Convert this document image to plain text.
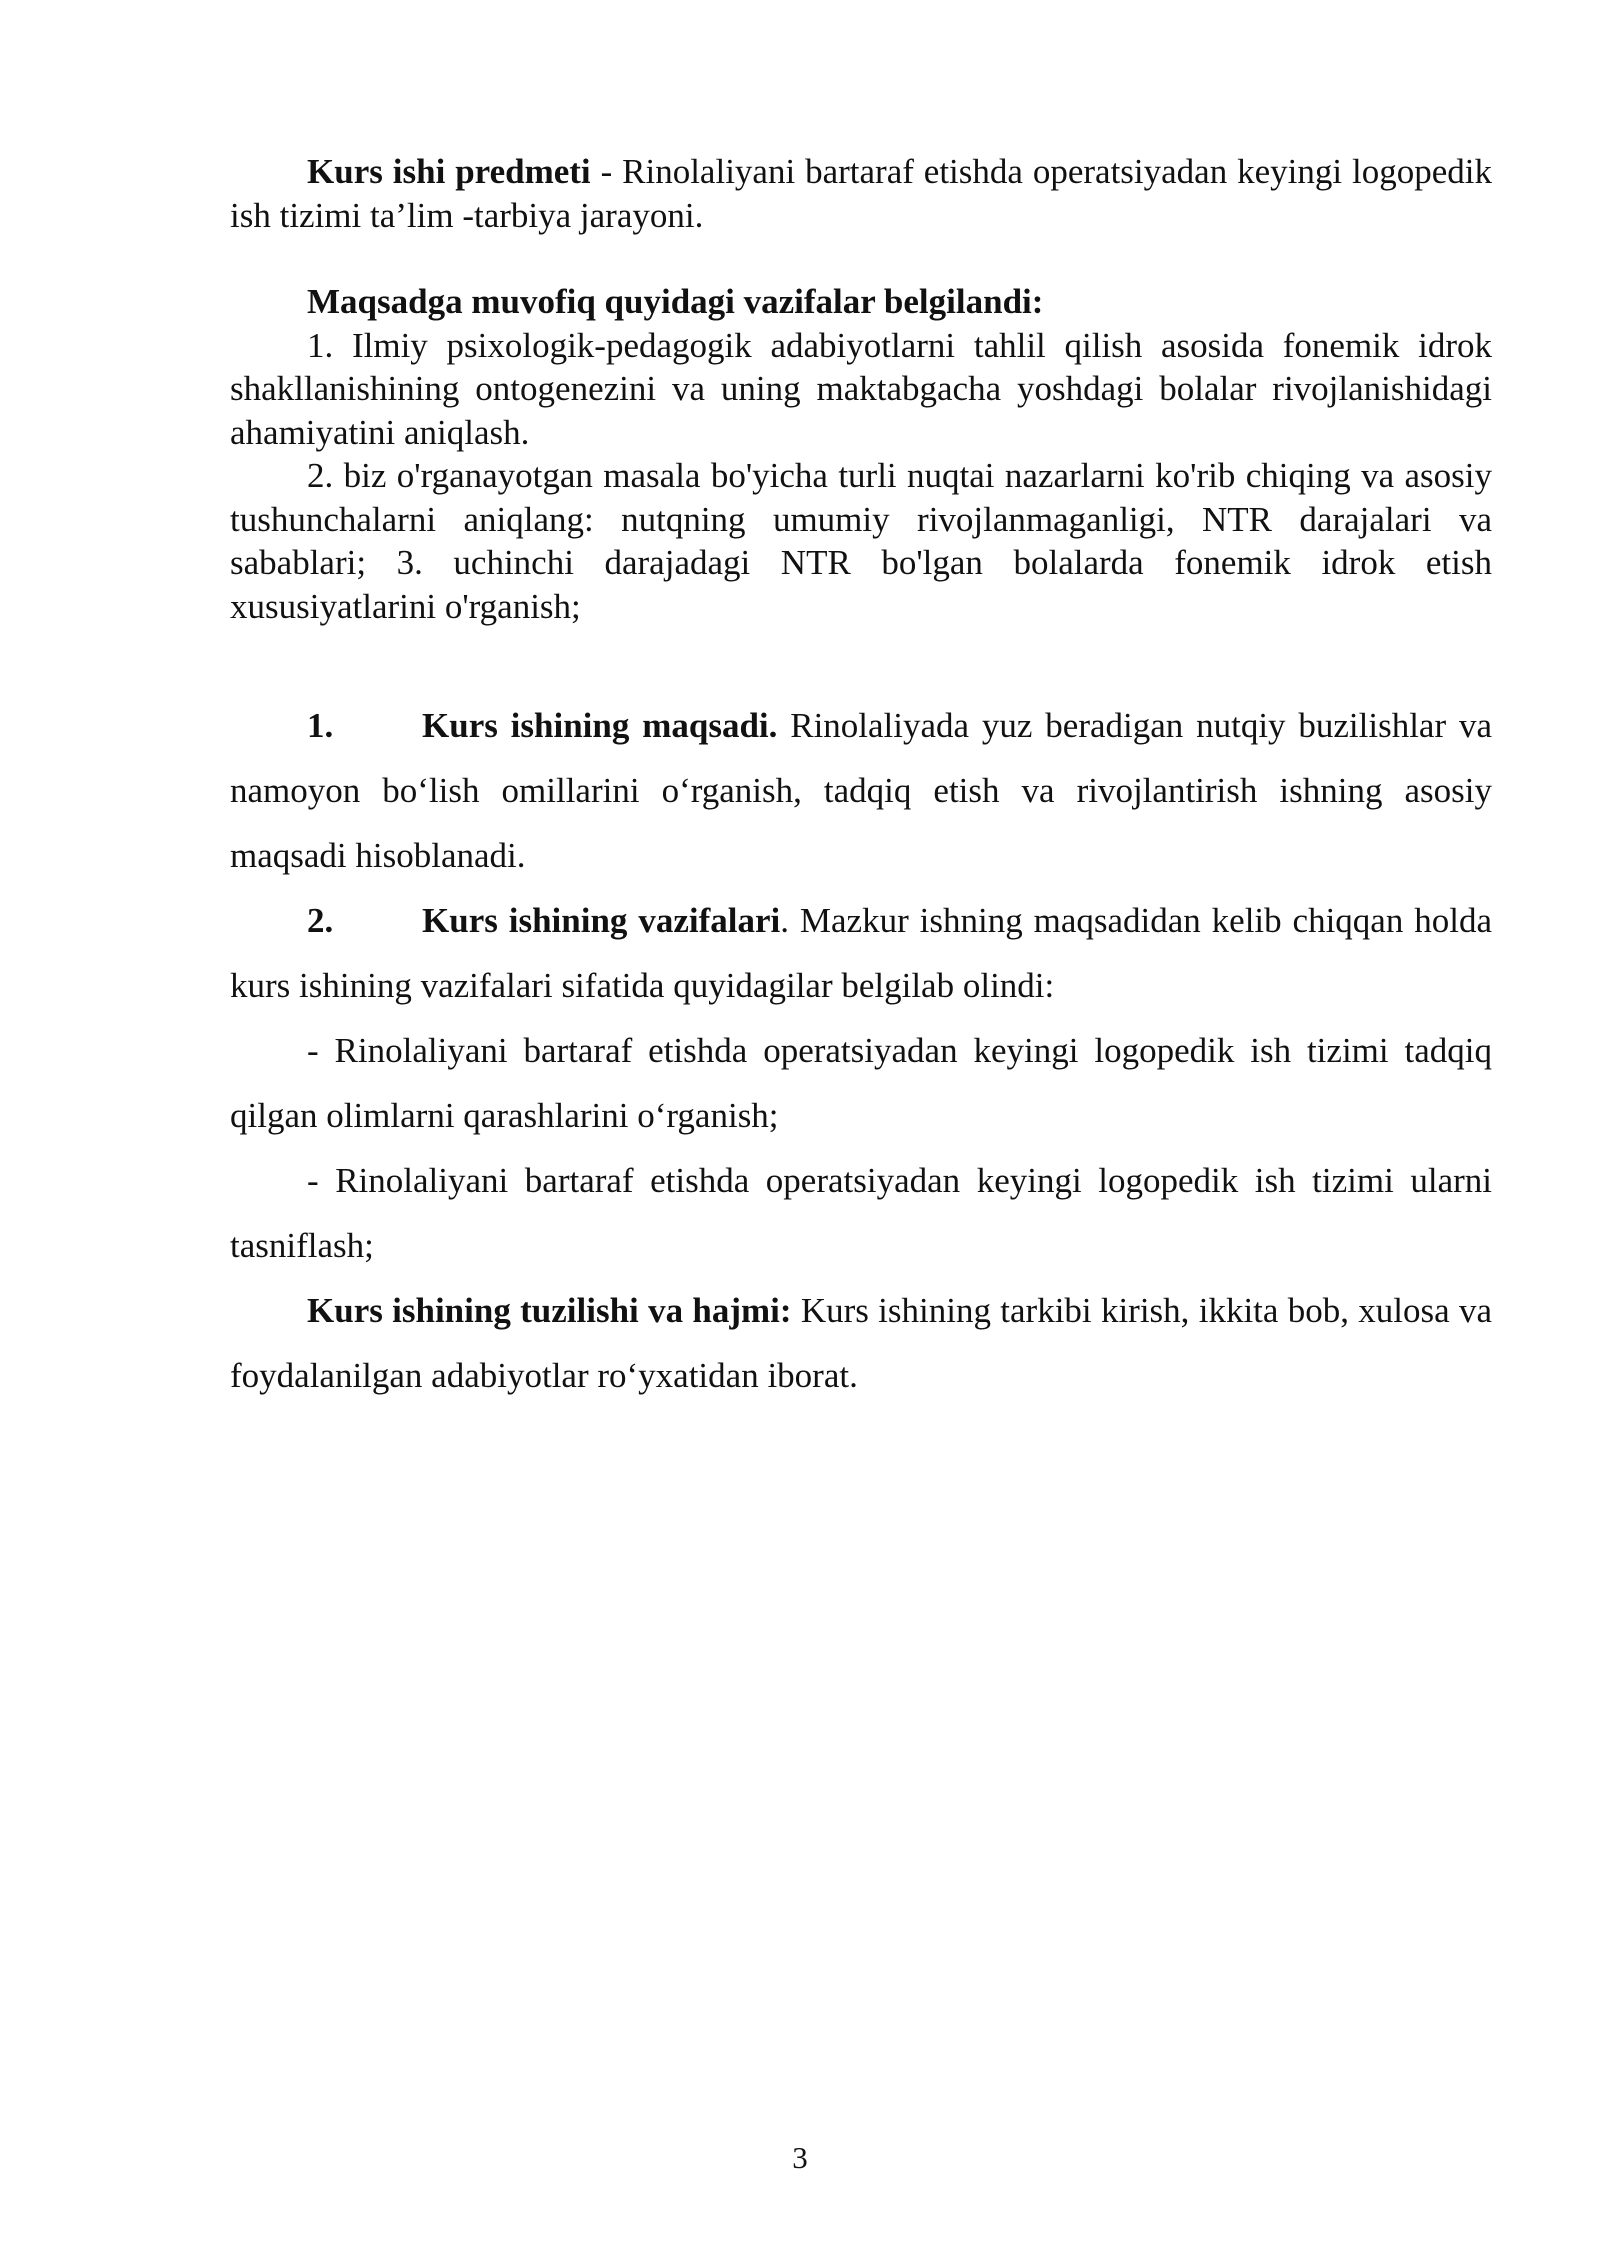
Kurs ishi predmeti - Rinolaliyani bartaraf etishda operatsiyadan keyingi logopedik ish tizimi ta’lim -tarbiya jarayoni.

Maqsadga muvofiq quyidagi vazifalar belgilandi:

1. Ilmiy psixologik-pedagogik adabiyotlarni tahlil qilish asosida fonemik idrok shakllanishining ontogenezini va uning maktabgacha yoshdagi bolalar rivojlanishidagi ahamiyatini aniqlash.

2. biz o'rganayotgan masala bo'yicha turli nuqtai nazarlarni ko'rib chiqing va asosiy tushunchalarni aniqlang: nutqning umumiy rivojlanmaganligi, NTR darajalari va sabablari; 3. uchinchi darajadagi NTR bo'lgan bolalarda fonemik idrok etish xususiyatlarini o'rganish;

1.	Kurs ishining maqsadi. Rinolaliyada yuz beradigan nutqiy buzilishlar va namoyon bo‘lish omillarini o‘rganish, tadqiq etish va rivojlantirish ishning asosiy maqsadi hisoblanadi.

2.	Kurs ishining vazifalari. Mazkur ishning maqsadidan kelib chiqqan holda kurs ishining vazifalari sifatida quyidagilar belgilab olindi:

- Rinolaliyani bartaraf etishda operatsiyadan keyingi logopedik ish tizimi tadqiq qilgan olimlarni qarashlarini o‘rganish;

- Rinolaliyani bartaraf etishda operatsiyadan keyingi logopedik ish tizimi ularni tasniflash;

Kurs ishining tuzilishi va hajmi: Kurs ishining tarkibi kirish, ikkita bob, xulosa va foydalanilgan adabiyotlar ro‘yxatidan iborat.

3
